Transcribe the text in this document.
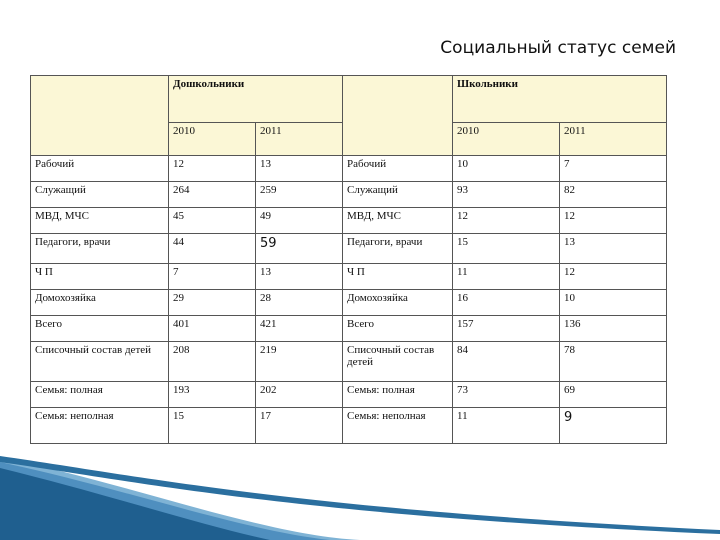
Социальный статус семей
	Дошкольники			Школьники	
	2010	2011		2010	2011
Рабочий	12	13	Рабочий	10	7
Служащий	264	259	Служащий	93	82
МВД, МЧС	45	49	МВД, МЧС	12	12
Педагоги, врачи	44	59	Педагоги, врачи	15	13
Ч П	7	13	Ч П	11	12
Домохозяйка	29	28	Домохозяйка	16	10
Всего	401	421	Всего	157	136
Списочный состав детей	208	219	Списочный состав детей	84	78
Семья: полная	193	202	Семья: полная	73	69
Семья: неполная	15	17	Семья: неполная	11	9
